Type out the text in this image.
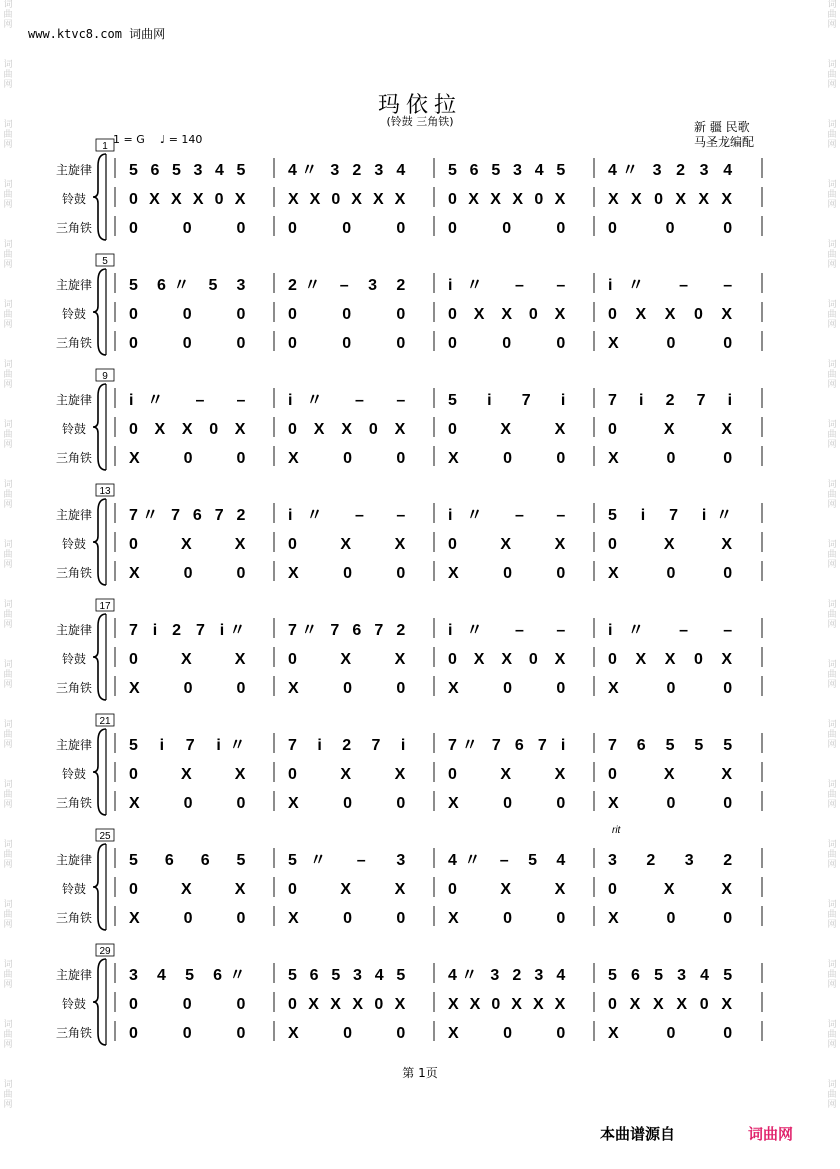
词
曲
网
词
曲
网
词
曲
网
词
曲
网
词
曲
网
词
曲
网
词
曲
网
词
曲
网
词
曲
网
词
曲
网
词
曲
网
词
曲
网
词
曲
网
词
曲
网
词
曲
网
词
曲
网
词
曲
网
词
曲
网
词
曲
网
词
曲
网
词
曲
网
词
曲
网
词
曲
网
词
曲
网
词
曲
网
词
曲
网
词
曲
网
词
曲
网
词
曲
网
词
曲
网
词
曲
网
词
曲
网
词
曲
网
词
曲
网
词
曲
网
词
曲
网
词
曲
网
词
曲
网
www.ktvc8.com 词曲网
玛依拉
(铃鼓 三角铁)	新 疆 民歌
马圣龙编配
1 = G ♩ = 140
1
主旋律
铃鼓
三角铁
5 6 5 3 4 5	4〃 3 2 3 4	5 6 5 3 4 5	4〃 3 2 3 4
0 X X X 0 X	X X 0 X X X	0 X X X 0 X	X X 0 X X X
0 0 0	0 0 0	0 0 0	0 0 0
5
主旋律
铃鼓
三角铁
5 6〃 5 3	2〃 – 3 2	i〃 – –	i〃 – –
0 0 0	0 0 0	0 X X 0 X	0 X X 0 X
0 0 0	0 0 0	0 0 0	X 0 0
9
主旋律
铃鼓
三角铁
i〃 – –	i〃 – –	5 i 7 i	7 i 2 7 i
0 X X 0 X	0 X X 0 X	0 X X	0 X X
X 0 0	X 0 0	X 0 0	X 0 0
13
主旋律
铃鼓
三角铁
7〃 7 6 7 2	i〃 – –	i〃 – –	5 i 7 i〃
0 X X	0 X X	0 X X	0 X X
X 0 0	X 0 0	X 0 0	X 0 0
17
主旋律
铃鼓
三角铁
7 i 2 7 i〃	7〃 7 6 7 2	i〃 – –	i〃 – –
0 X X	0 X X	0 X X 0 X	0 X X 0 X
X 0 0	X 0 0	X 0 0	X 0 0
21
主旋律
铃鼓
三角铁
5 i 7 i〃	7 i 2 7 i	7〃 7 6 7 i	7 6 5 5 5
0 X X	0 X X	0 X X	0 X X
X 0 0	X 0 0	X 0 0	X 0 0
25
主旋律
铃鼓
三角铁
5 6 6 5	5〃 – 3	4〃 – 5 4	3 2 3 2
0 X X	0 X X	0 X X	0 X X
X 0 0	X 0 0	X 0 0	X 0 0
29
主旋律
铃鼓
三角铁
3 4 5 6〃	5 6 5 3 4 5	4〃 3 2 3 4	5 6 5 3 4 5
0 0 0	0 X X X 0 X	X X 0 X X X	0 X X X 0 X
0 0 0	X 0 0	X 0 0	X 0 0
rit
第 1页
本曲谱源自	词曲网
